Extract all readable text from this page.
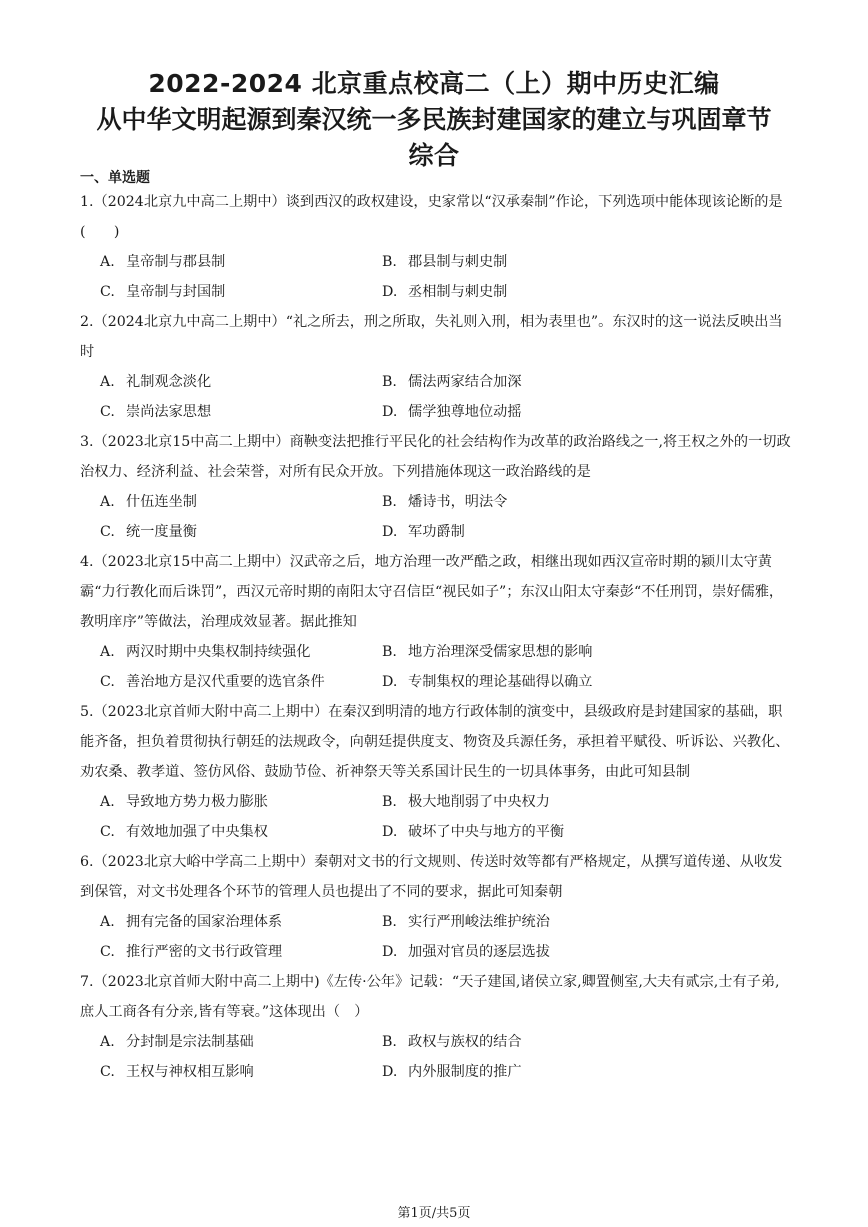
2022-2024 北京重点校高二（上）期中历史汇编
从中华文明起源到秦汉统一多民族封建国家的建立与巩固章节
综合
一、单选题

1.（2024北京九中高二上期中）谈到西汉的政权建设，史家常以“汉承秦制”作论，下列选项中能体现该论断的是(　　)

A. 皇帝制与郡县制	B. 郡县制与刺史制
C. 皇帝制与封国制	D. 丞相制与刺史制

2.（2024北京九中高二上期中）“礼之所去，刑之所取，失礼则入刑，相为表里也”。东汉时的这一说法反映出当时

A. 礼制观念淡化	B. 儒法两家结合加深
C. 崇尚法家思想	D. 儒学独尊地位动摇

3.（2023北京15中高二上期中）商鞅变法把推行平民化的社会结构作为改革的政治路线之一,将王权之外的一切政治权力、经济利益、社会荣誉，对所有民众开放。下列措施体现这一政治路线的是

A. 什伍连坐制	B. 燔诗书，明法令
C. 统一度量衡	D. 军功爵制

4.（2023北京15中高二上期中）汉武帝之后，地方治理一改严酷之政，相继出现如西汉宣帝时期的颍川太守黄霸“力行教化而后诛罚”，西汉元帝时期的南阳太守召信臣“视民如子”；东汉山阳太守秦彭“不任刑罚，崇好儒雅，教明庠序”等做法，治理成效显著。据此推知

A. 两汉时期中央集权制持续强化	B. 地方治理深受儒家思想的影响
C. 善治地方是汉代重要的选官条件	D. 专制集权的理论基础得以确立

5.（2023北京首师大附中高二上期中）在秦汉到明清的地方行政体制的演变中，县级政府是封建国家的基础，职能齐备，担负着贯彻执行朝廷的法规政令，向朝廷提供度支、物资及兵源任务，承担着平赋役、听诉讼、兴教化、劝农桑、教孝道、签仿风俗、鼓励节俭、祈神祭天等关系国计民生的一切具体事务，由此可知县制

A. 导致地方势力极力膨胀	B. 极大地削弱了中央权力
C. 有效地加强了中央集权	D. 破坏了中央与地方的平衡

6.（2023北京大峪中学高二上期中）秦朝对文书的行文规则、传送时效等都有严格规定，从撰写道传递、从收发到保管，对文书处理各个环节的管理人员也提出了不同的要求，据此可知秦朝

A. 拥有完备的国家治理体系	B. 实行严刑峻法维护统治
C. 推行严密的文书行政管理	D. 加强对官员的逐层选拔

7.（2023北京首师大附中高二上期中)《左传·公年》记载：“天子建国,诸侯立家,卿置侧室,大夫有贰宗,士有子弟,庶人工商各有分亲,皆有等衰。”这体现出（　）

A. 分封制是宗法制基础	B. 政权与族权的结合
C. 王权与神权相互影响	D. 内外服制度的推广
第1页/共5页
